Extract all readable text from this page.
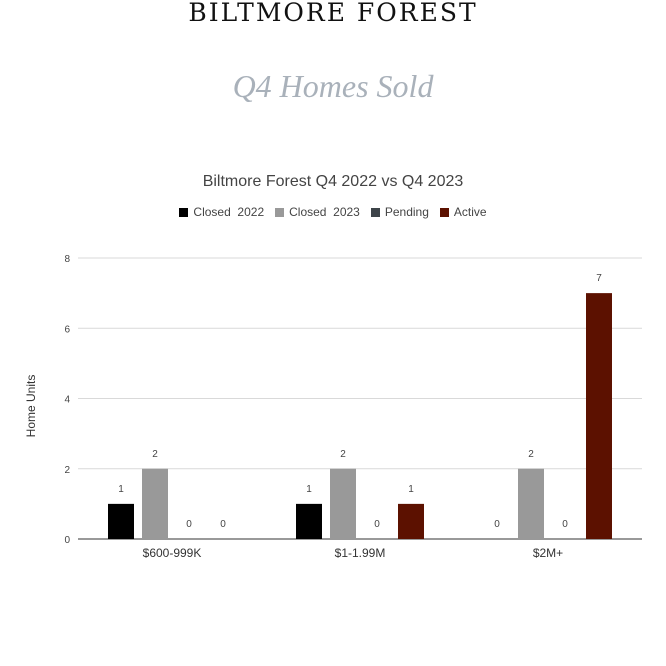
BILTMORE FOREST
Q4 Homes Sold
Biltmore Forest Q4 2022 vs Q4 2023
Closed  2022 Closed  2023 Pending Active
0
2
4
6
8
Home Units
1
2
0	0
$600-999K
1
2
0
1
$1-1.99M
0
2
0
7
$2M+
